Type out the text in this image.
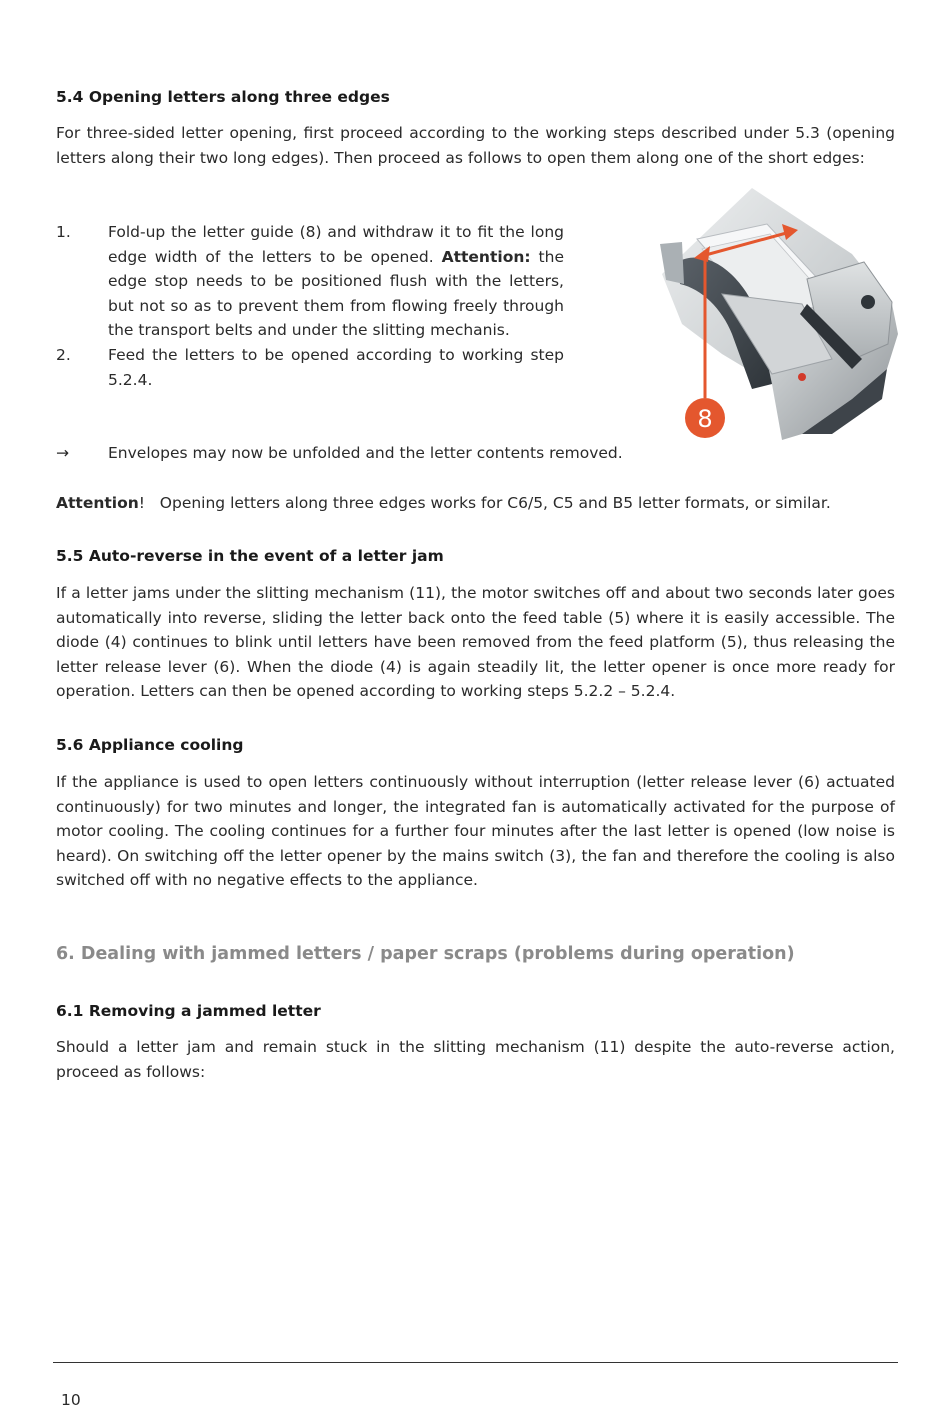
5.4 Opening letters along three edges

For three-sided letter opening, first proceed according to the working steps described under 5.3 (opening letters along their two long edges). Then proceed as follows to open them along one of the short edges:

1.	Fold-up the letter guide (8) and withdraw it to fit the long edge width of the letters to be opened. Attention: the edge stop needs to be positioned flush with the letters, but not so as to prevent them from flowing freely through the transport belts and under the slitting mechanis.
2.	Feed the letters to be opened according to working step 5.2.4.
8
→	Envelopes may now be unfolded and the letter contents removed.
Attention!   Opening letters along three edges works for C6/5, C5 and B5 letter formats, or similar.
5.5 Auto-reverse in the event of a letter jam

If a letter jams under the slitting mechanism (11), the motor switches off and about two seconds later goes automatically into reverse, sliding the letter back onto the feed table (5) where it is easily accessible. The diode (4) continues to blink until letters have been removed from the feed platform (5), thus releasing the letter release lever (6). When the diode (4) is again steadily lit, the letter opener is once more ready for operation. Letters can then be opened according to working steps 5.2.2 – 5.2.4.

5.6 Appliance cooling

If the appliance is used to open letters continuously without interruption (letter release lever (6) actuated continuously) for two minutes and longer, the integrated fan is automatically activated for the purpose of motor cooling. The cooling continues for a further four minutes after the last letter is opened (low noise is heard). On switching off the letter opener by the mains switch (3), the fan and therefore the cooling is also switched off with no negative effects to the appliance.

6. Dealing with jammed letters / paper scraps (problems during operation)
6.1 Removing a jammed letter

Should a letter jam and remain stuck in the slitting mechanism (11) despite the auto-reverse action, proceed as follows:

10
